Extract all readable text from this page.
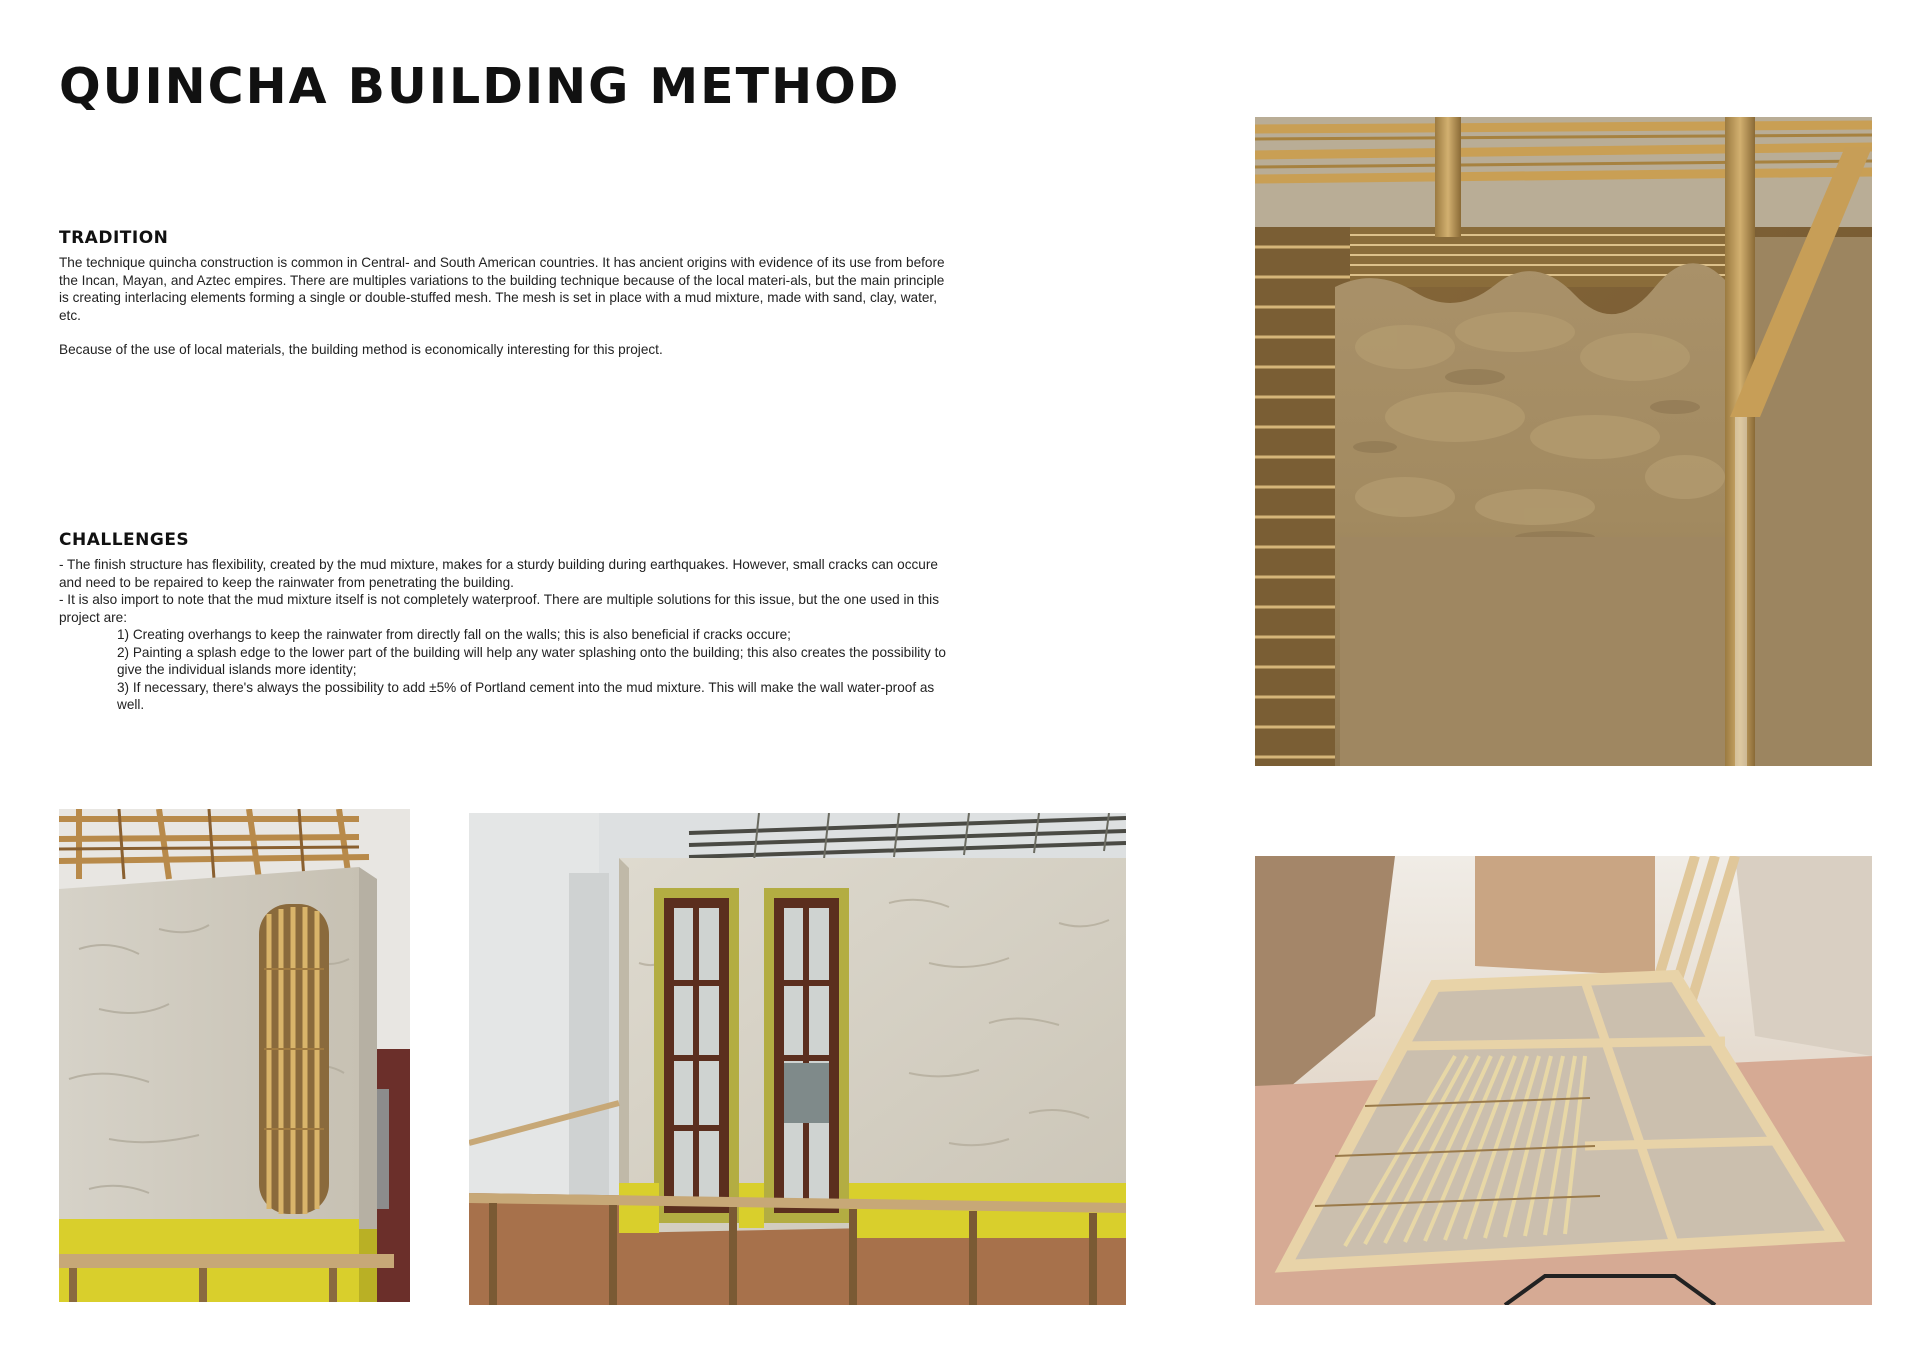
QUINCHA BUILDING METHOD
TRADITION

The technique quincha construction is common in Central- and South American countries. It has ancient origins with evidence of its use from before the Incan, Mayan, and Aztec empires. There are multiples variations to the building technique because of the local materi-als, but the main principle is creating interlacing elements forming a single or double-stuffed mesh. The mesh is set in place with a mud mixture, made with sand, clay, water, etc.

Because of the use of local materials, the building method is economically interesting for this project.

CHALLENGES

- The finish structure has flexibility, created by the mud mixture, makes for a sturdy building during earthquakes. However, small cracks can occure and need to be repaired to keep the rainwater from penetrating the building.

- It is also import to note that the mud mixture itself is not completely waterproof. There are multiple solutions for this issue, but the one used in this project are:

1) Creating overhangs to keep the rainwater from directly fall on the walls; this is also beneficial if cracks occure;

2) Painting a splash edge to the lower part of the building will help any water splashing onto the building; this also creates the possibility to give the individual islands more identity;

3) If necessary, there's always the possibility to add ±5% of Portland cement into the mud mixture. This will make the wall water-proof as well.
